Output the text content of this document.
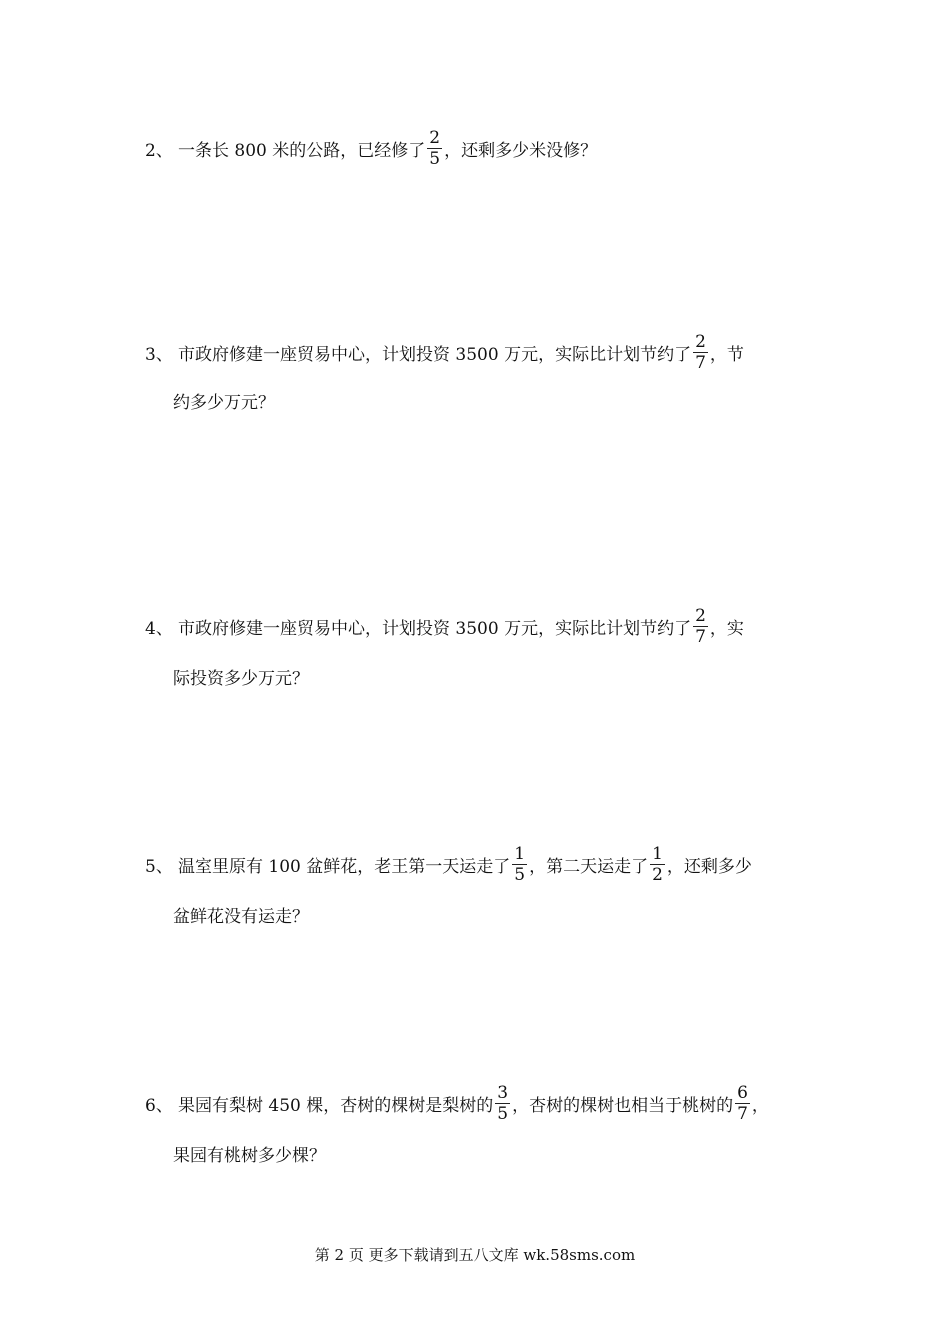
2、 一条长 800 米的公路，已经修了 $\frac{2}{5}$ ，还剩多少米没修？
3、 市政府修建一座贸易中心，计划投资 3500 万元，实际比计划节约了 $\frac{2}{7}$ ，节
约多少万元？
4、 市政府修建一座贸易中心，计划投资 3500 万元，实际比计划节约了 $\frac{2}{7}$ ，实
际投资多少万元？
5、 温室里原有 100 盆鲜花，老王第一天运走了 $\frac{1}{5}$ ，第二天运走了 $\frac{1}{2}$ ，还剩多少
盆鲜花没有运走？
6、 果园有梨树 450 棵，杏树的棵树是梨树的 $\frac{3}{5}$ ，杏树的棵树也相当于桃树的 $\frac{6}{7}$ ，
果园有桃树多少棵？
第 2 页 更多下载请到五八文库 wk.58sms.com
